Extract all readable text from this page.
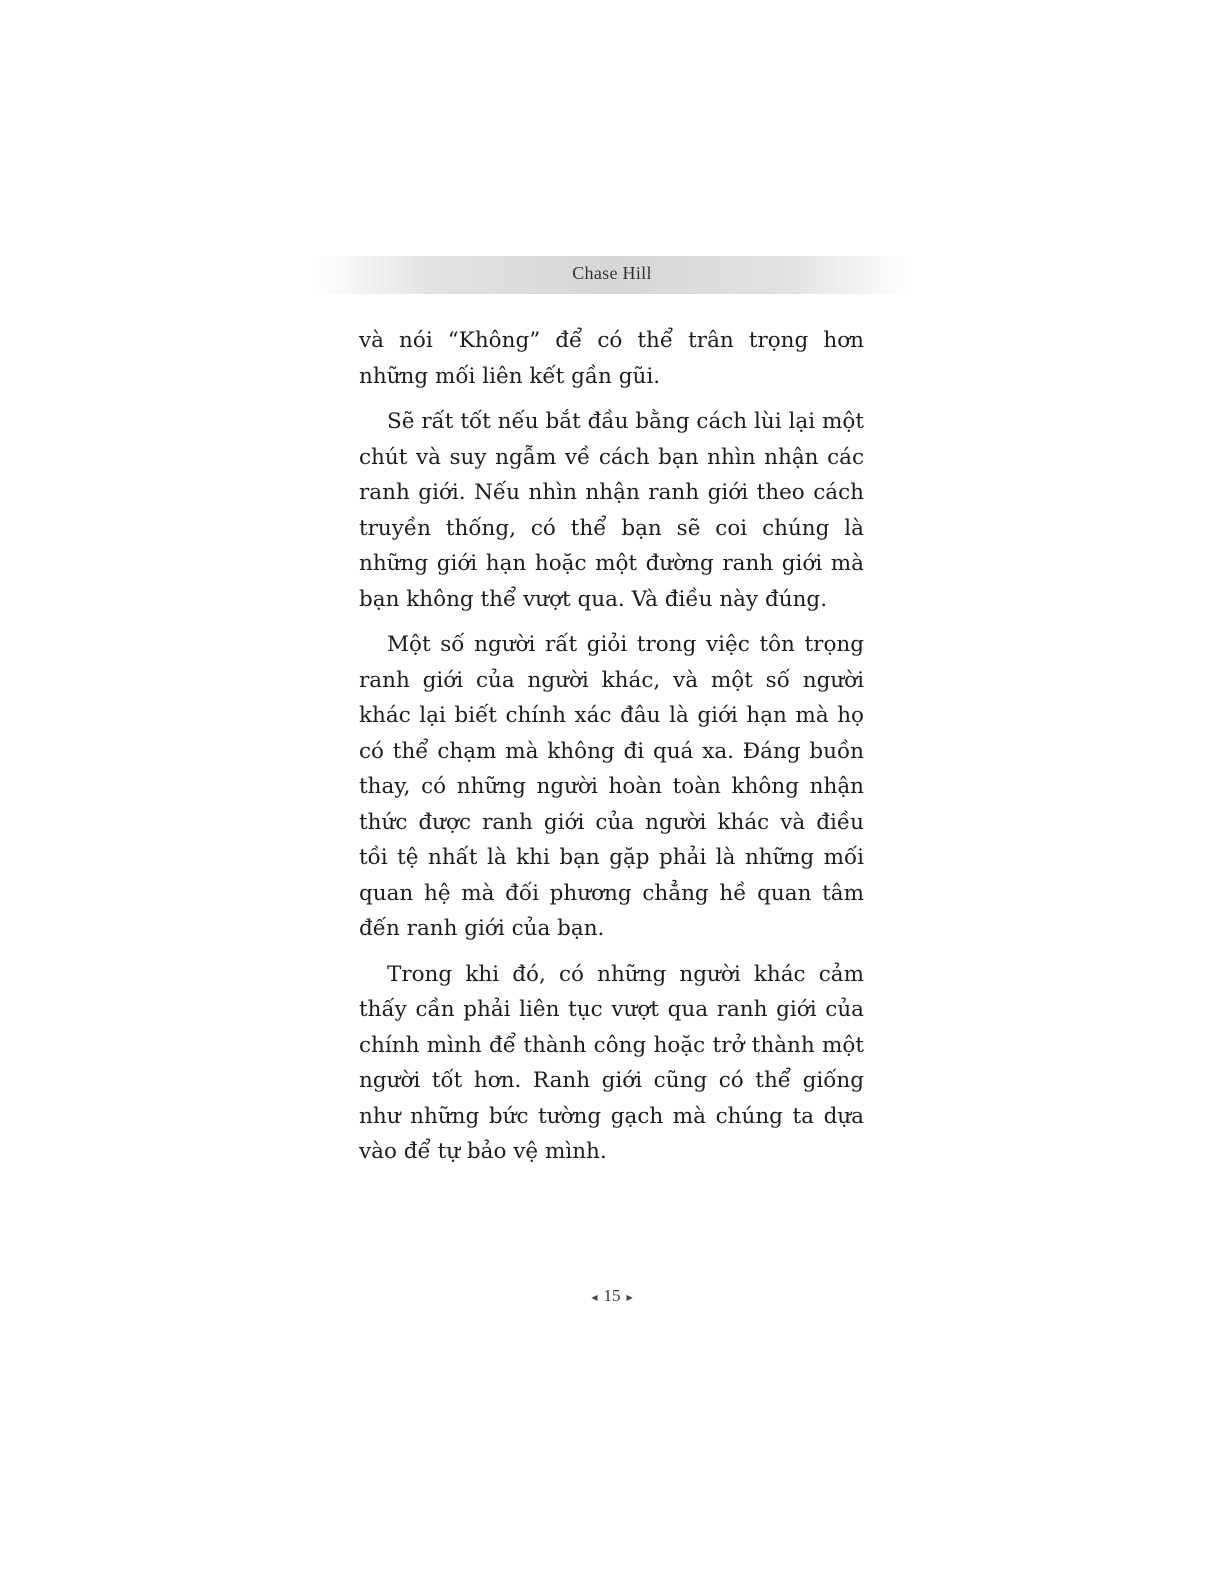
Chase Hill

và nói “Không” để có thể trân trọng hơn những mối liên kết gần gũi.

Sẽ rất tốt nếu bắt đầu bằng cách lùi lại một chút và suy ngẫm về cách bạn nhìn nhận các ranh giới. Nếu nhìn nhận ranh giới theo cách truyền thống, có thể bạn sẽ coi chúng là những giới hạn hoặc một đường ranh giới mà bạn không thể vượt qua. Và điều này đúng.

Một số người rất giỏi trong việc tôn trọng ranh giới của người khác, và một số người khác lại biết chính xác đâu là giới hạn mà họ có thể chạm mà không đi quá xa. Đáng buồn thay, có những người hoàn toàn không nhận thức được ranh giới của người khác và điều tồi tệ nhất là khi bạn gặp phải là những mối quan hệ mà đối phương chẳng hề quan tâm đến ranh giới của bạn.

Trong khi đó, có những người khác cảm thấy cần phải liên tục vượt qua ranh giới của chính mình để thành công hoặc trở thành một người tốt hơn. Ranh giới cũng có thể giống như những bức tường gạch mà chúng ta dựa vào để tự bảo vệ mình.

◀ 15 ▶
